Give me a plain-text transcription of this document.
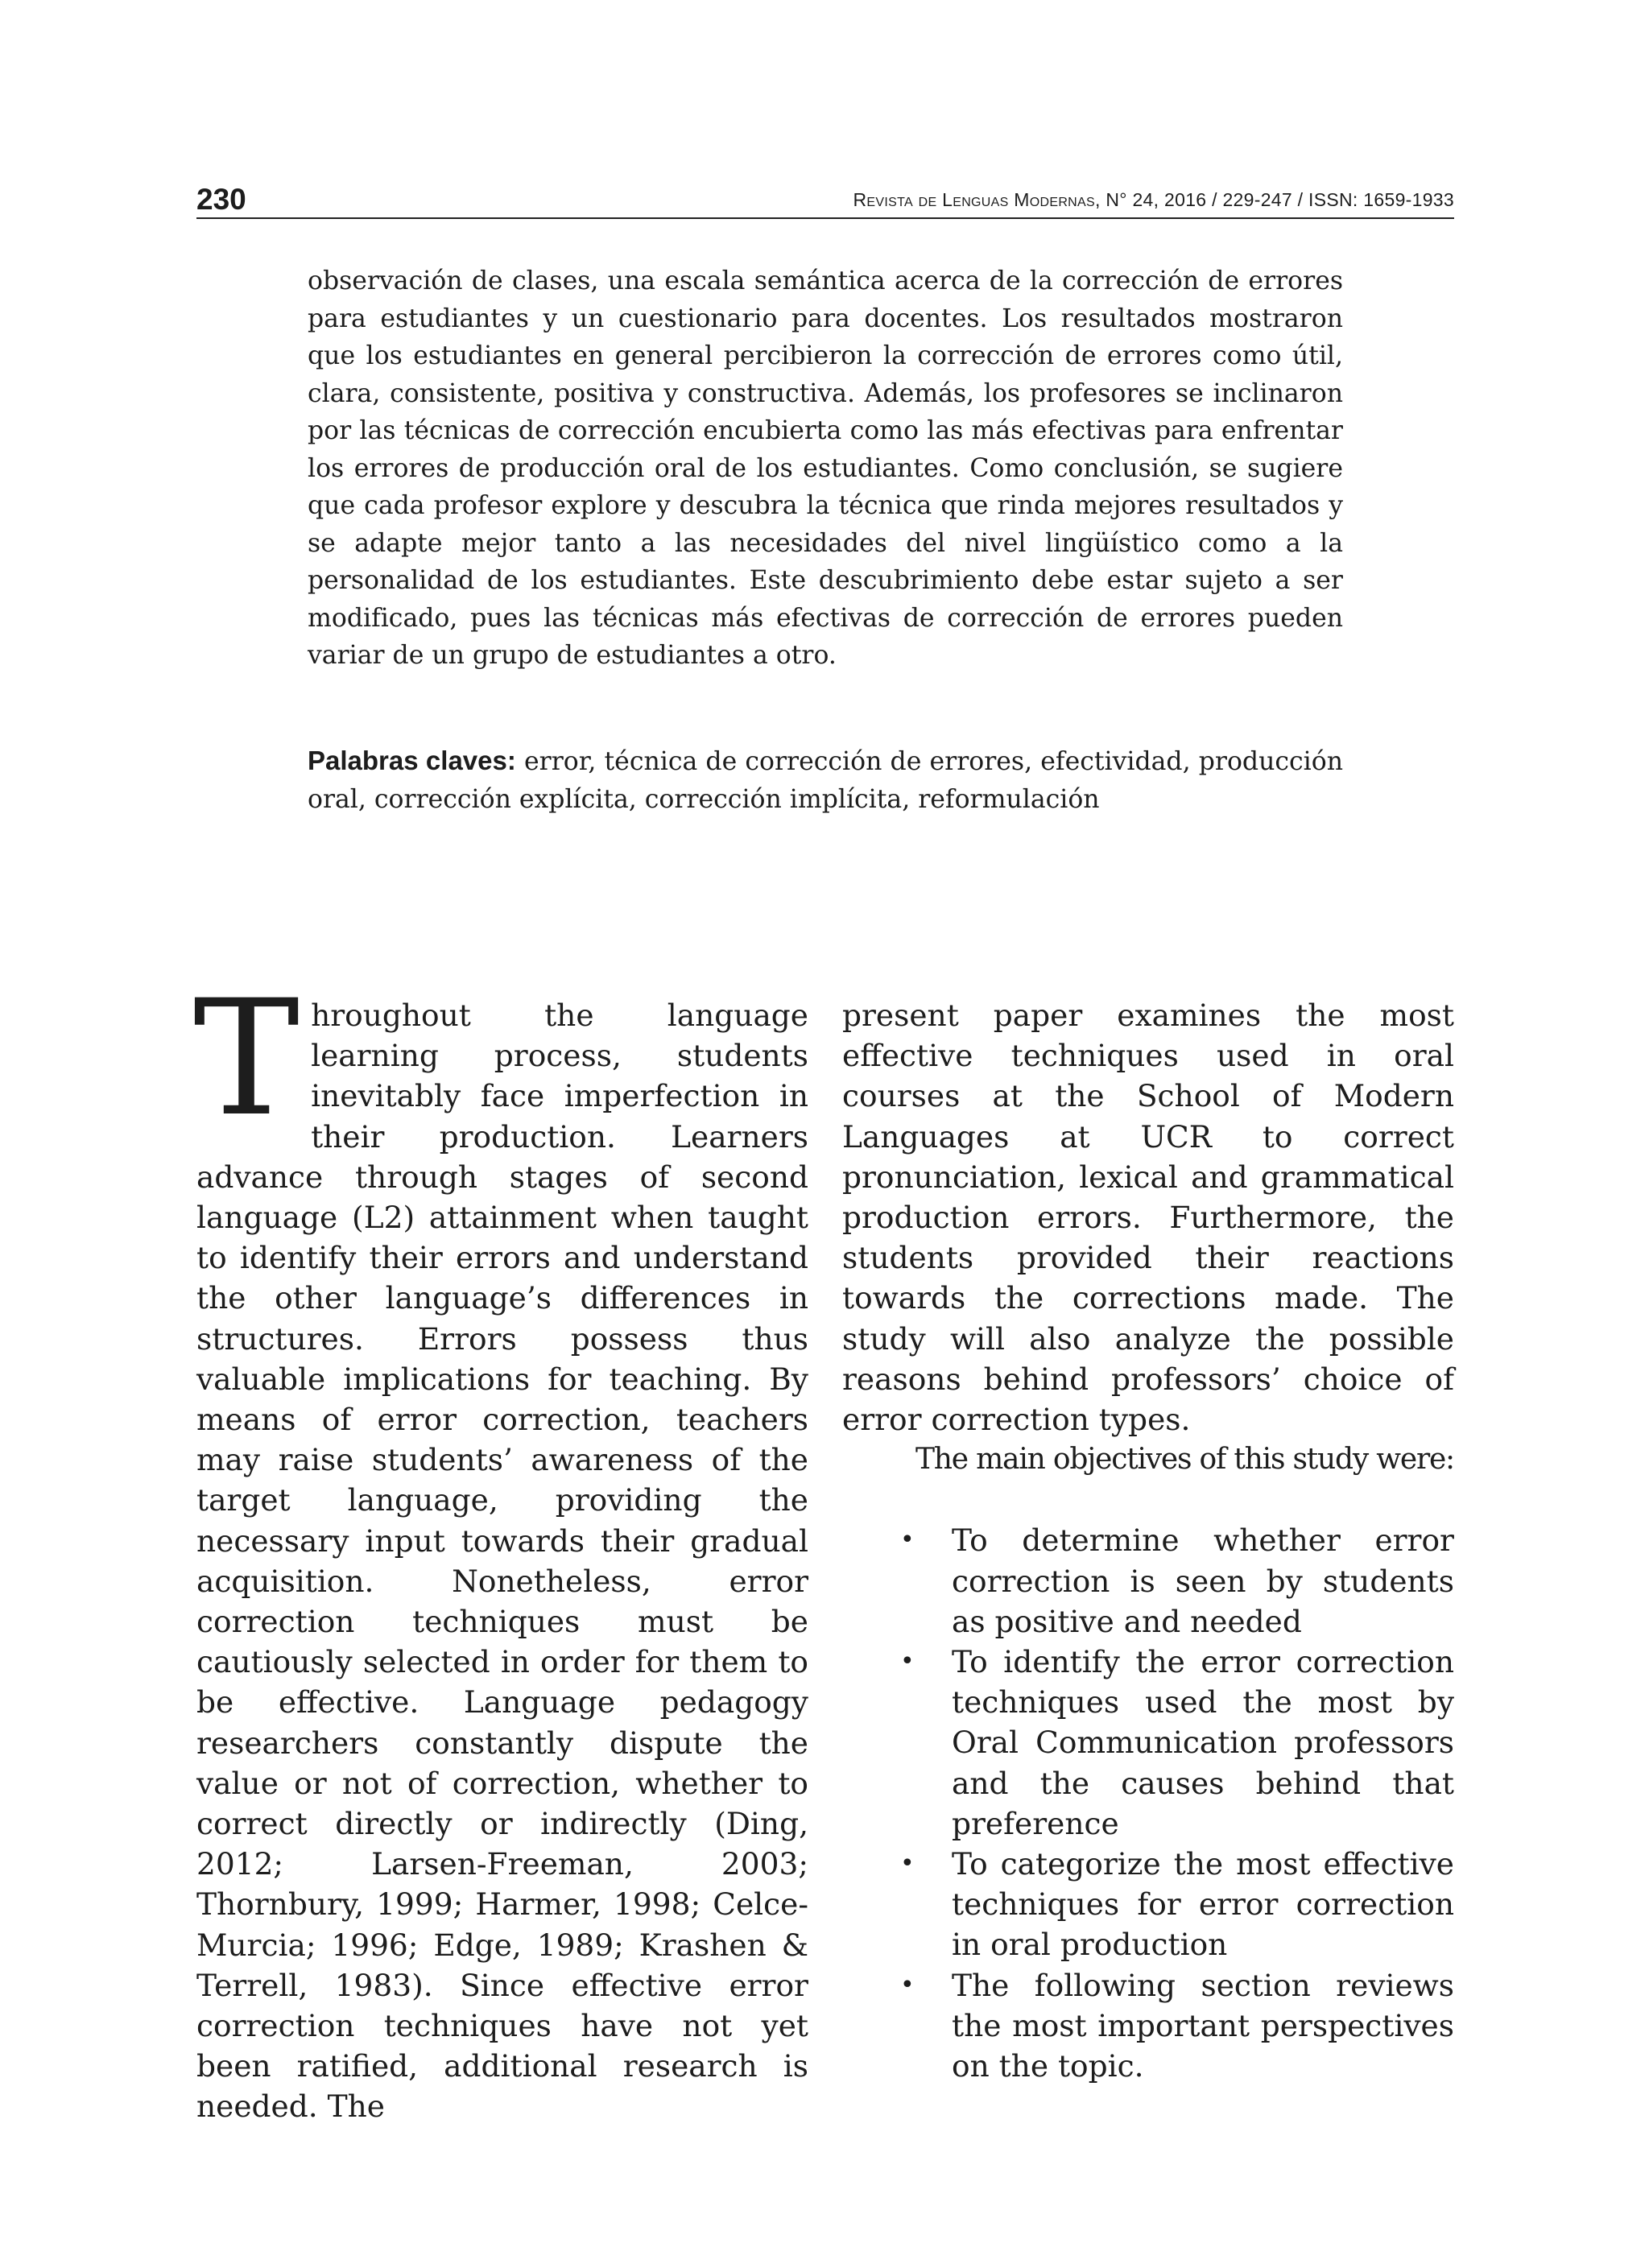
230	Revista de Lenguas Modernas, N° 24, 2016 / 229-247 / ISSN: 1659-1933

observación de clases, una escala semántica acerca de la corrección de errores para estudiantes y un cuestionario para docentes. Los resultados mostraron que los estudiantes en general percibieron la corrección de errores como útil, clara, consistente, positiva y constructiva. Además, los profesores se inclinaron por las técnicas de corrección encubierta como las más efectivas para enfrentar los errores de producción oral de los estudiantes. Como conclusión, se sugiere que cada profesor explore y descubra la técnica que rinda mejores resultados y se adapte mejor tanto a las necesidades del nivel lingüístico como a la personalidad de los estudiantes. Este descubrimiento debe estar sujeto a ser modificado, pues las técnicas más efectivas de corrección de errores pueden variar de un grupo de estudiantes a otro.

Palabras claves: error, técnica de corrección de errores, efectividad, producción oral, corrección explícita, corrección implícita, reformulación

Throughout the language learning process, students inevitably face imperfection in their production. Learners advance through stages of second language (L2) attainment when taught to identify their errors and understand the other language’s differences in structures. Errors possess thus valuable implications for teaching. By means of error correction, teachers may raise students’ awareness of the target language, providing the necessary input towards their gradual acquisition. Nonetheless, error correction techniques must be cautiously selected in order for them to be effective. Language pedagogy researchers constantly dispute the value or not of correction, whether to correct directly or indirectly (Ding, 2012; Larsen-Freeman, 2003; Thornbury, 1999; Harmer, 1998; Celce-Murcia; 1996; Edge, 1989; Krashen & Terrell, 1983). Since effective error correction techniques have not yet been ratified, additional research is needed. The

present paper examines the most effective techniques used in oral courses at the School of Modern Languages at UCR to correct pronunciation, lexical and grammatical production errors. Furthermore, the students provided their reactions towards the corrections made. The study will also analyze the possible reasons behind professors’ choice of error correction types.

The main objectives of this study were:

• To determine whether error correction is seen by students as positive and needed
• To identify the error correction techniques used the most by Oral Communication professors and the causes behind that preference
• To categorize the most effective techniques for error correction in oral production
• The following section reviews the most important perspectives on the topic.
